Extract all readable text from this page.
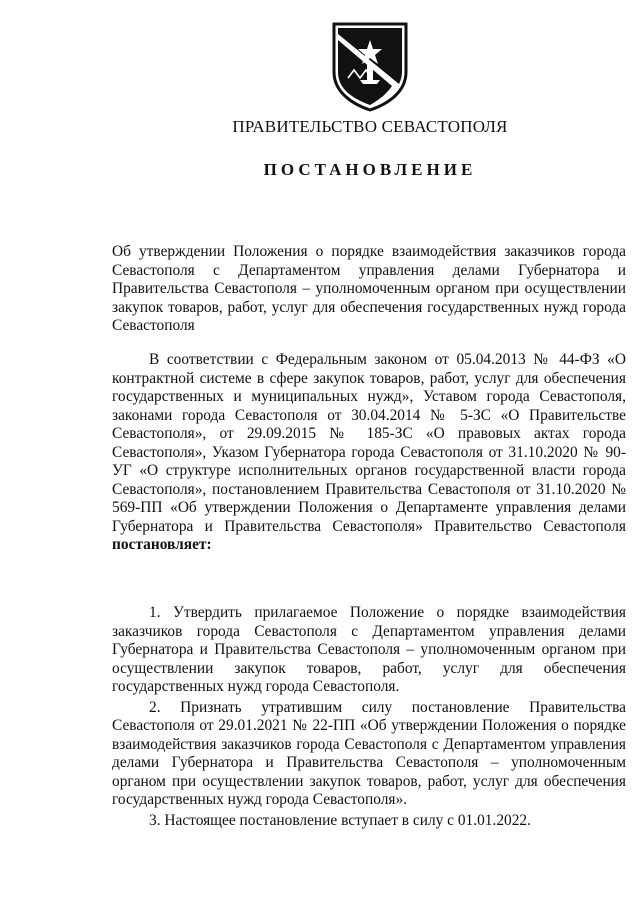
ПРАВИТЕЛЬСТВО СЕВАСТОПОЛЯ
ПОСТАНОВЛЕНИЕ
Об утверждении Положения о порядке взаимодействия заказчиков города Севастополя с Департаментом управления делами Губернатора и Правительства Севастополя – уполномоченным органом при осуществлении закупок товаров, работ, услуг для обеспечения государственных нужд города Севастополя
В соответствии с Федеральным законом от 05.04.2013 № 44-ФЗ «О контрактной системе в сфере закупок товаров, работ, услуг для обеспечения государственных и муниципальных нужд», Уставом города Севастополя, законами города Севастополя от 30.04.2014 № 5-ЗС «О Правительстве Севастополя», от 29.09.2015 № 185-ЗС «О правовых актах города Севастополя», Указом Губернатора города Севастополя от 31.10.2020 № 90-УГ «О структуре исполнительных органов государственной власти города Севастополя», постановлением Правительства Севастополя от 31.10.2020 № 569-ПП «Об утверждении Положения о Департаменте управления делами Губернатора и Правительства Севастополя» Правительство Севастополя постановляет:

1. Утвердить прилагаемое Положение о порядке взаимодействия заказчиков города Севастополя с Департаментом управления делами Губернатора и Правительства Севастополя – уполномоченным органом при осуществлении закупок товаров, работ, услуг для обеспечения государственных нужд города Севастополя.

2. Признать утратившим силу постановление Правительства Севастополя от 29.01.2021 № 22-ПП «Об утверждении Положения о порядке взаимодействия заказчиков города Севастополя с Департаментом управления делами Губернатора и Правительства Севастополя – уполномоченным органом при осуществлении закупок товаров, работ, услуг для обеспечения государственных нужд города Севастополя».

3. Настоящее постановление вступает в силу с 01.01.2022.
